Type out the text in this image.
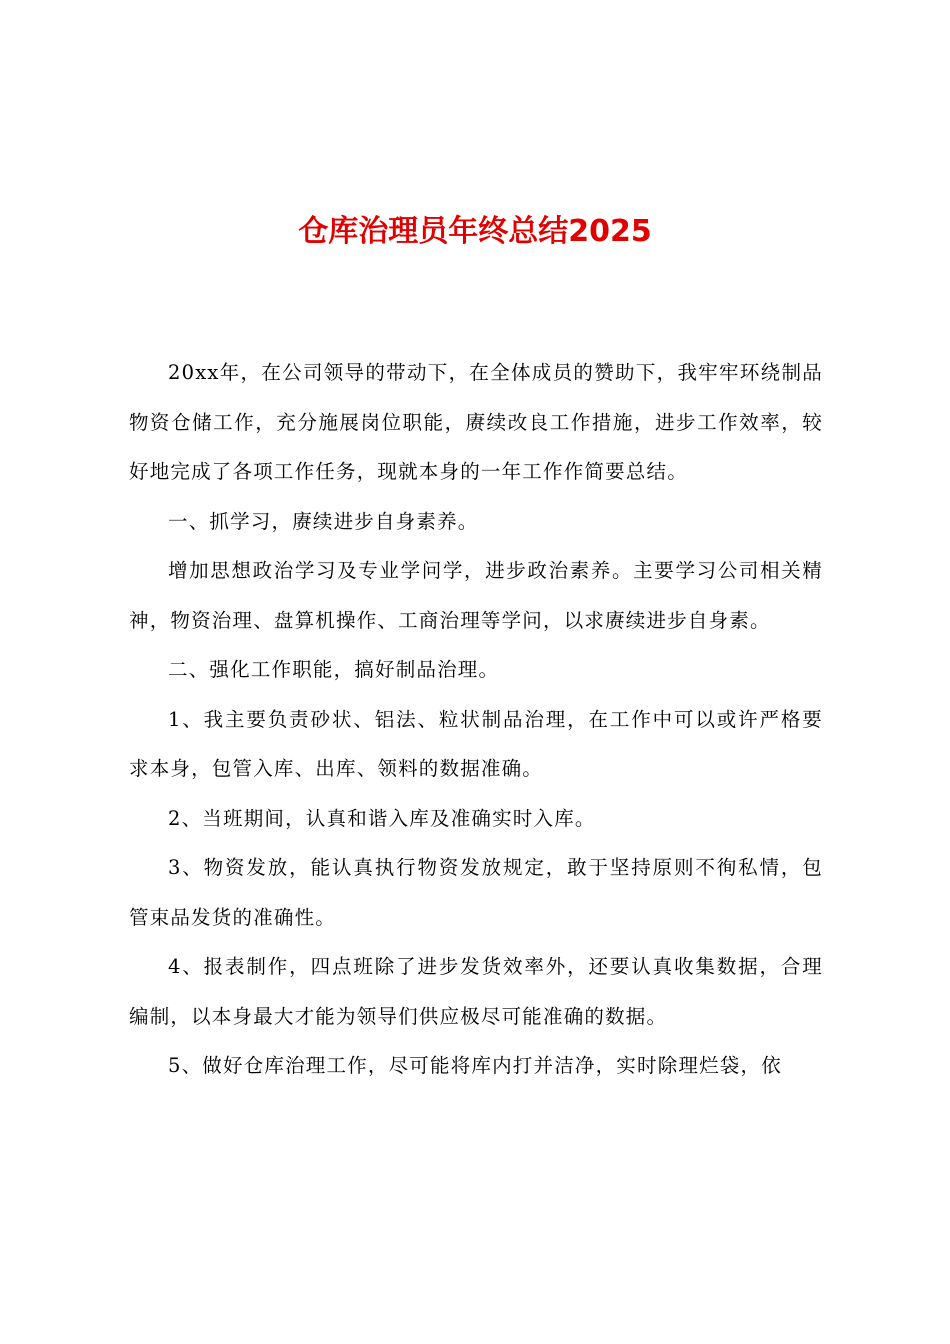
仓库治理员年终总结2025

20xx年，在公司领导的带动下，在全体成员的赞助下，我牢牢环绕制品物资仓储工作，充分施展岗位职能，赓续改良工作措施，进步工作效率，较好地完成了各项工作任务，现就本身的一年工作作简要总结。

一、抓学习，赓续进步自身素养。

增加思想政治学习及专业学问学，进步政治素养。主要学习公司相关精神，物资治理、盘算机操作、工商治理等学问，以求赓续进步自身素。

二、强化工作职能，搞好制品治理。

1、我主要负责砂状、铝法、粒状制品治理，在工作中可以或许严格要求本身，包管入库、出库、领料的数据准确。

2、当班期间，认真和谐入库及准确实时入库。

3、物资发放，能认真执行物资发放规定，敢于坚持原则不徇私情，包管束品发货的准确性。

4、报表制作，四点班除了进步发货效率外，还要认真收集数据，合理编制，以本身最大才能为领导们供应极尽可能准确的数据。

5、做好仓库治理工作，尽可能将库内打并洁净，实时除理烂袋，依
